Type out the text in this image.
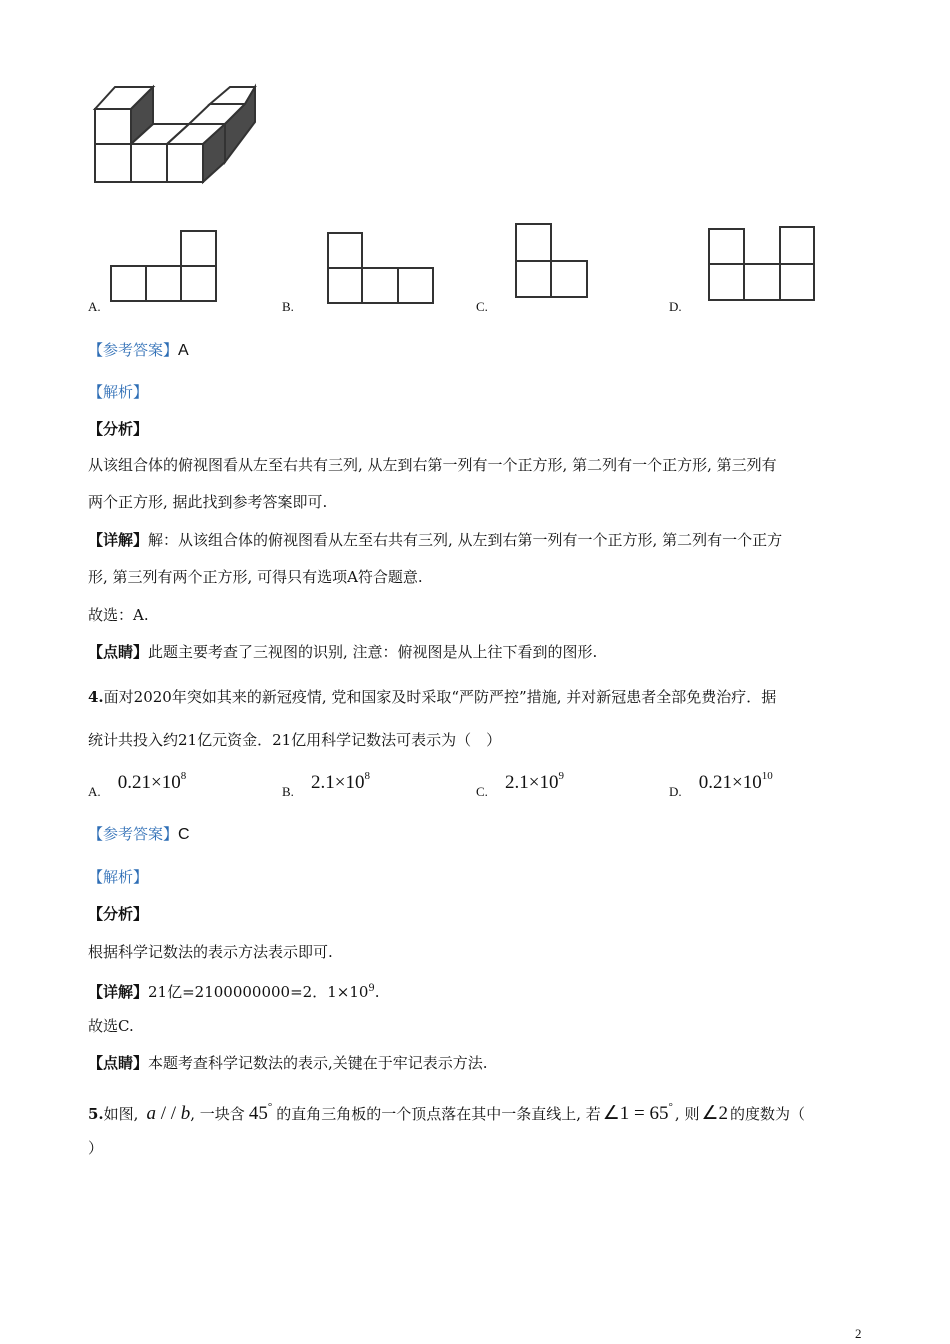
A.	B.	C.	D.
【参考答案】A
【解析】
【分析】
从该组合体的俯视图看从左至右共有三列, 从左到右第一列有一个正方形, 第二列有一个正方形, 第三列有
两个正方形, 据此找到参考答案即可.
【详解】解：从该组合体的俯视图看从左至右共有三列, 从左到右第一列有一个正方形, 第二列有一个正方
形, 第三列有两个正方形, 可得只有选项A符合题意.
故选：A.
【点睛】此题主要考查了三视图的识别, 注意：俯视图是从上往下看到的图形.
4.面对2020年突如其来的新冠疫情, 党和国家及时采取“严防严控”措施, 并对新冠患者全部免费治疗．据
统计共投入约21亿元资金．21亿用科学记数法可表示为（　）
$_{A.}$ $0.21\times 10^8$
$_{B.}$ $2.1\times 10^8$
$_{C.}$ $2.1\times 10^9$
$_{D.}$ $0.21\times 10^{10}$
【参考答案】C
【解析】
【分析】
根据科学记数法的表示方法表示即可.
【详解】21亿=2100000000=2．$1\times 10^9$.
故选C.
【点睛】本题考查科学记数法的表示,关键在于牢记表示方法.
5.如图, a / / b, 一块含 45° 的直角三角板的一个顶点落在其中一条直线上, 若 ∠1 = 65° , 则 ∠2 的度数为（
）
2
